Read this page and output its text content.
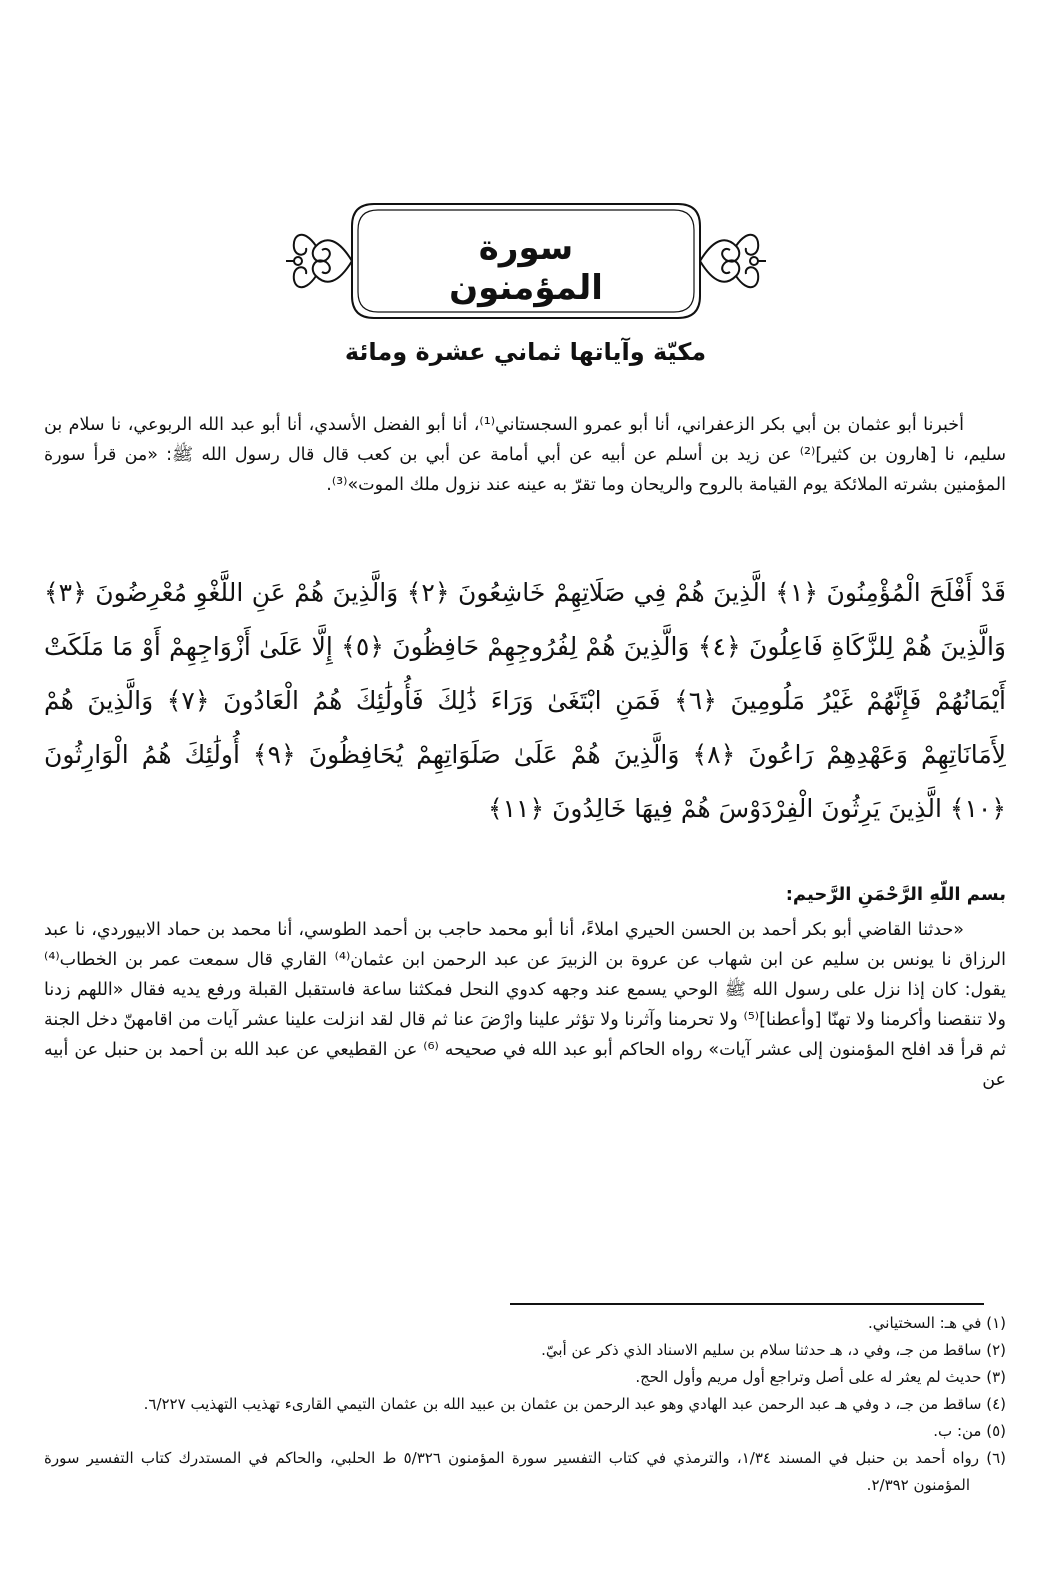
سورة المؤمنون
مكيّة وآياتها ثماني عشرة ومائة

أخبرنا أبو عثمان بن أبي بكر الزعفراني، أنا أبو عمرو السجستاني⁽¹⁾، أنا أبو الفضل الأسدي، أنا أبو عبد الله الربوعي، نا سلام بن سليم، نا [هارون بن كثير]⁽²⁾ عن زيد بن أسلم عن أبيه عن أبي أمامة عن أبي بن كعب قال قال رسول الله ﷺ: «من قرأ سورة المؤمنين بشرته الملائكة يوم القيامة بالروح والريحان وما تقرّ به عينه عند نزول ملك الموت»⁽³⁾.

قَدْ أَفْلَحَ الْمُؤْمِنُونَ ﴿١﴾ الَّذِينَ هُمْ فِي صَلَاتِهِمْ خَاشِعُونَ ﴿٢﴾ وَالَّذِينَ هُمْ عَنِ اللَّغْوِ مُعْرِضُونَ ﴿٣﴾ وَالَّذِينَ هُمْ لِلزَّكَاةِ فَاعِلُونَ ﴿٤﴾ وَالَّذِينَ هُمْ لِفُرُوجِهِمْ حَافِظُونَ ﴿٥﴾ إِلَّا عَلَىٰ أَزْوَاجِهِمْ أَوْ مَا مَلَكَتْ أَيْمَانُهُمْ فَإِنَّهُمْ غَيْرُ مَلُومِينَ ﴿٦﴾ فَمَنِ ابْتَغَىٰ وَرَاءَ ذَٰلِكَ فَأُولَٰئِكَ هُمُ الْعَادُونَ ﴿٧﴾ وَالَّذِينَ هُمْ لِأَمَانَاتِهِمْ وَعَهْدِهِمْ رَاعُونَ ﴿٨﴾ وَالَّذِينَ هُمْ عَلَىٰ صَلَوَاتِهِمْ يُحَافِظُونَ ﴿٩﴾ أُولَٰئِكَ هُمُ الْوَارِثُونَ ﴿١٠﴾ الَّذِينَ يَرِثُونَ الْفِرْدَوْسَ هُمْ فِيهَا خَالِدُونَ ﴿١١﴾
بسم اللّهِ الرَّحْمَنِ الرَّحيم:

«حدثنا القاضي أبو بكر أحمد بن الحسن الحيري املاءً، أنا أبو محمد حاجب بن أحمد الطوسي، أنا محمد بن حماد الابيوردي، نا عبد الرزاق نا يونس بن سليم عن ابن شهاب عن عروة بن الزبيرَ عن عبد الرحمن ابن عثمان⁽⁴⁾ القاري قال سمعت عمر بن الخطاب⁽⁴⁾ يقول: كان إذا نزل على رسول الله ﷺ الوحي يسمع عند وجهه كدوي النحل فمكثنا ساعة فاستقبل القبلة ورفع يديه فقال «اللهم زدنا ولا تنقصنا وأكرمنا ولا تهنّا [وأعطنا]⁽⁵⁾ ولا تحرمنا وآثرنا ولا تؤثر علينا وارْضَ عنا ثم قال لقد انزلت علينا عشر آيات من اقامهنّ دخل الجنة ثم قرأ قد افلح المؤمنون إلى عشر آيات» رواه الحاكم أبو عبد الله في صحيحه ⁽⁶⁾ عن القطيعي عن عبد الله بن أحمد بن حنبل عن أبيه عن

(١) في هـ: السختياني.

(٢) ساقط من جـ، وفي د، هـ حدثنا سلام بن سليم الاسناد الذي ذكر عن أبيّ.

(٣) حديث لم يعثر له على أصل وتراجع أول مريم وأول الحج.

(٤) ساقط من جـ، د وفي هـ عبد الرحمن عبد الهادي وهو عبد الرحمن بن عثمان بن عبيد الله بن عثمان التيمي القارىء تهذيب التهذيب ٦/٢٢٧.

(٥) من: ب.

(٦) رواه أحمد بن حنبل في المسند ١/٣٤، والترمذي في كتاب التفسير سورة المؤمنون ٥/٣٢٦ ط الحلبي، والحاكم في المستدرك كتاب التفسير سورة المؤمنون ٢/٣٩٢.
